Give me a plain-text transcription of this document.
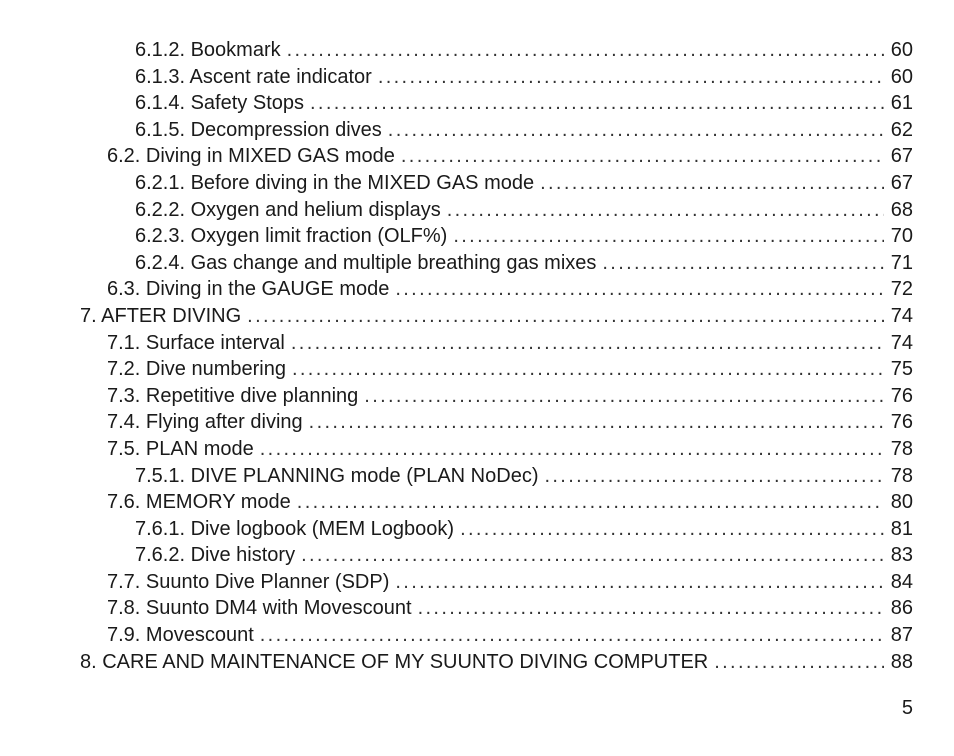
6.1.2. Bookmark . . .	60
6.1.3. Ascent rate indicator . . .	60
6.1.4. Safety Stops . . .	61
6.1.5. Decompression dives . . .	62
6.2. Diving in MIXED GAS mode . . .	67
6.2.1. Before diving in the MIXED GAS mode . . .	67
6.2.2. Oxygen and helium displays . . .	68
6.2.3. Oxygen limit fraction (OLF%) . . .	70
6.2.4. Gas change and multiple breathing gas mixes . . .	71
6.3. Diving in the GAUGE mode . . .	72
7. AFTER DIVING . . .	74
7.1. Surface interval . . .	74
7.2. Dive numbering . . .	75
7.3. Repetitive dive planning . . .	76
7.4. Flying after diving . . .	76
7.5. PLAN mode . . .	78
7.5.1. DIVE PLANNING mode (PLAN NoDec) . . .	78
7.6. MEMORY mode . . .	80
7.6.1. Dive logbook (MEM Logbook) . . .	81
7.6.2. Dive history . . .	83
7.7. Suunto Dive Planner (SDP) . . .	84
7.8. Suunto DM4 with Movescount . . .	86
7.9. Movescount . . .	87
8. CARE AND MAINTENANCE OF MY SUUNTO DIVING COMPUTER . . .	88
5
